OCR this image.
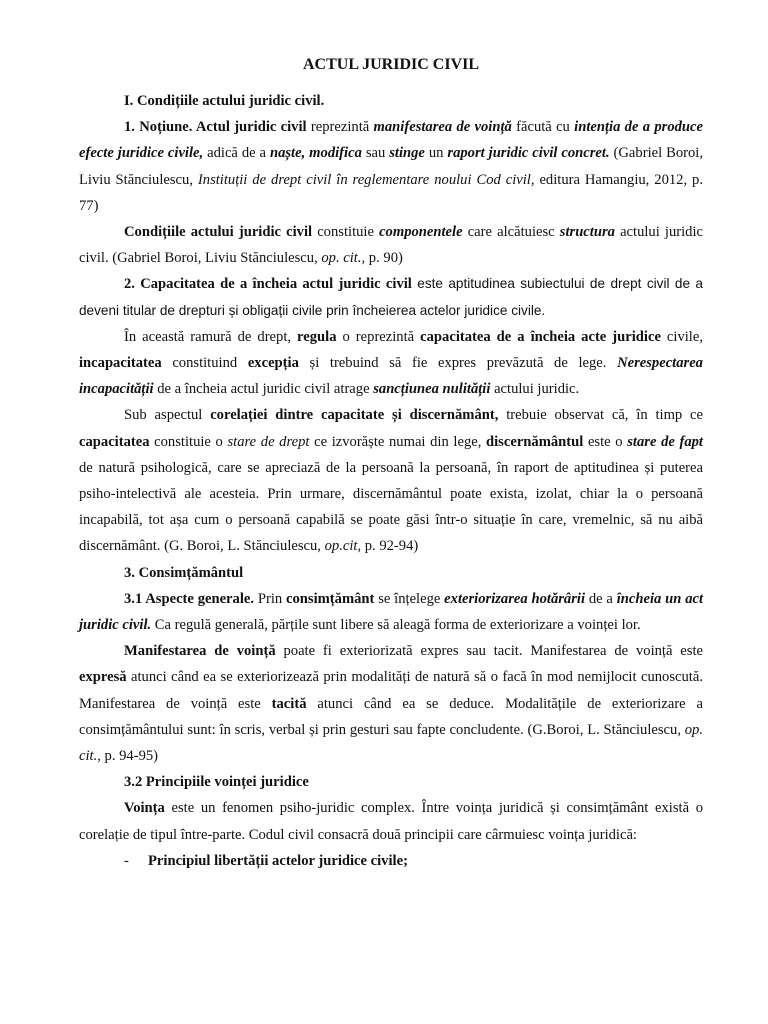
ACTUL JURIDIC CIVIL

I. Condițiile actului juridic civil.

1. Noțiune. Actul juridic civil reprezintă manifestarea de voință făcută cu intenția de a produce efecte juridice civile, adică de a naște, modifica sau stinge un raport juridic civil concret. (Gabriel Boroi, Liviu Stănciulescu, Instituții de drept civil în reglementare noului Cod civil, editura Hamangiu, 2012, p. 77)

Condițiile actului juridic civil constituie componentele care alcătuiesc structura actului juridic civil. (Gabriel Boroi, Liviu Stănciulescu, op. cit., p. 90)

2. Capacitatea de a încheia actul juridic civil este aptitudinea subiectului de drept civil de a deveni titular de drepturi și obligații civile prin încheierea actelor juridice civile.

În această ramură de drept, regula o reprezintă capacitatea de a încheia acte juridice civile, incapacitatea constituind excepția și trebuind să fie expres prevăzută de lege. Nerespectarea incapacității de a încheia actul juridic civil atrage sancțiunea nulității actului juridic.

Sub aspectul corelației dintre capacitate și discernământ, trebuie observat că, în timp ce capacitatea constituie o stare de drept ce izvorăște numai din lege, discernământul este o stare de fapt de natură psihologică, care se apreciază de la persoană la persoană, în raport de aptitudinea și puterea psiho-intelectivă ale acesteia. Prin urmare, discernământul poate exista, izolat, chiar la o persoană incapabilă, tot așa cum o persoană capabilă se poate găsi într-o situație în care, vremelnic, să nu aibă discernământ. (G. Boroi, L. Stănciulescu, op.cit, p. 92-94)

3. Consimțământul

3.1 Aspecte generale. Prin consimțământ se înțelege exteriorizarea hotărârii de a încheia un act juridic civil. Ca regulă generală, părțile sunt libere să aleagă forma de exteriorizare a voinței lor.

Manifestarea de voință poate fi exteriorizată expres sau tacit. Manifestarea de voință este expresă atunci când ea se exteriorizează prin modalități de natură să o facă în mod nemijlocit cunoscută. Manifestarea de voință este tacită atunci când ea se deduce. Modalitățile de exteriorizare a consimțământului sunt: în scris, verbal și prin gesturi sau fapte concludente. (G.Boroi, L. Stănciulescu, op. cit., p. 94-95)

3.2 Principiile voinței juridice

Voința este un fenomen psiho-juridic complex. Între voința juridică și consimțământ există o corelație de tipul între-parte. Codul civil consacră două principii care cârmuiesc voința juridică:

-	Principiul libertății actelor juridice civile;
